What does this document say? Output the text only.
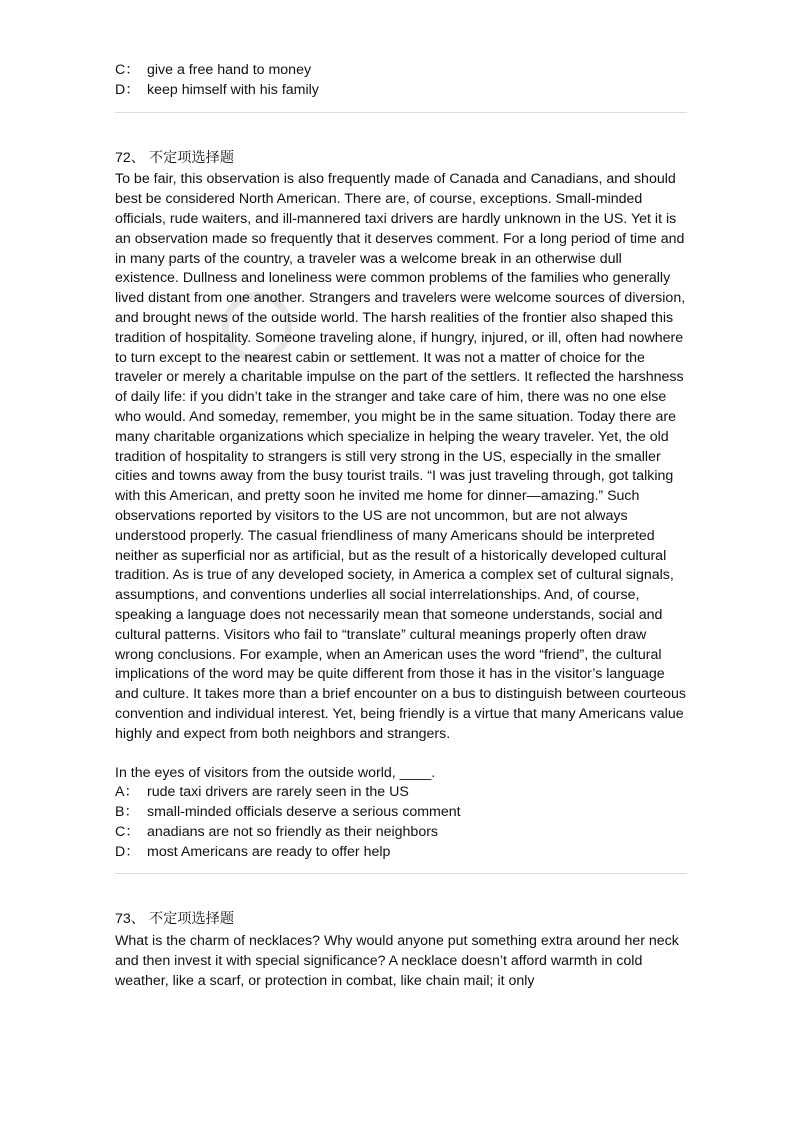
C： give a free hand to money
D： keep himself with his family
72、 不定项选择题
To be fair, this observation is also frequently made of Canada and Canadians, and should best be considered North American. There are, of course, exceptions. Small-minded officials, rude waiters, and ill-mannered taxi drivers are hardly unknown in the US. Yet it is an observation made so frequently that it deserves comment. For a long period of time and in many parts of the country, a traveler was a welcome break in an otherwise dull existence. Dullness and loneliness were common problems of the families who generally lived distant from one another. Strangers and travelers were welcome sources of diversion, and brought news of the outside world. The harsh realities of the frontier also shaped this tradition of hospitality. Someone traveling alone, if hungry, injured, or ill, often had nowhere to turn except to the nearest cabin or settlement. It was not a matter of choice for the traveler or merely a charitable impulse on the part of the settlers. It reflected the harshness of daily life: if you didn’t take in the stranger and take care of him, there was no one else who would. And someday, remember, you might be in the same situation. Today there are many charitable organizations which specialize in helping the weary traveler. Yet, the old tradition of hospitality to strangers is still very strong in the US, especially in the smaller cities and towns away from the busy tourist trails. “I was just traveling through, got talking with this American, and pretty soon he invited me home for dinner—amazing.” Such observations reported by visitors to the US are not uncommon, but are not always understood properly. The casual friendliness of many Americans should be interpreted neither as superficial nor as artificial, but as the result of a historically developed cultural tradition. As is true of any developed society, in America a complex set of cultural signals, assumptions, and conventions underlies all social interrelationships. And, of course, speaking a language does not necessarily mean that someone understands, social and cultural patterns. Visitors who fail to “translate” cultural meanings properly often draw wrong conclusions. For example, when an American uses the word “friend”, the cultural implications of the word may be quite different from those it has in the visitor’s language and culture. It takes more than a brief encounter on a bus to distinguish between courteous convention and individual interest. Yet, being friendly is a virtue that many Americans value highly and expect from both neighbors and strangers.
In the eyes of visitors from the outside world, ____.
A： rude taxi drivers are rarely seen in the US
B： small-minded officials deserve a serious comment
C： anadians are not so friendly as their neighbors
D： most Americans are ready to offer help
73、 不定项选择题
What is the charm of necklaces? Why would anyone put something extra around her neck and then invest it with special significance? A necklace doesn’t afford warmth in cold weather, like a scarf, or protection in combat, like chain mail; it only
